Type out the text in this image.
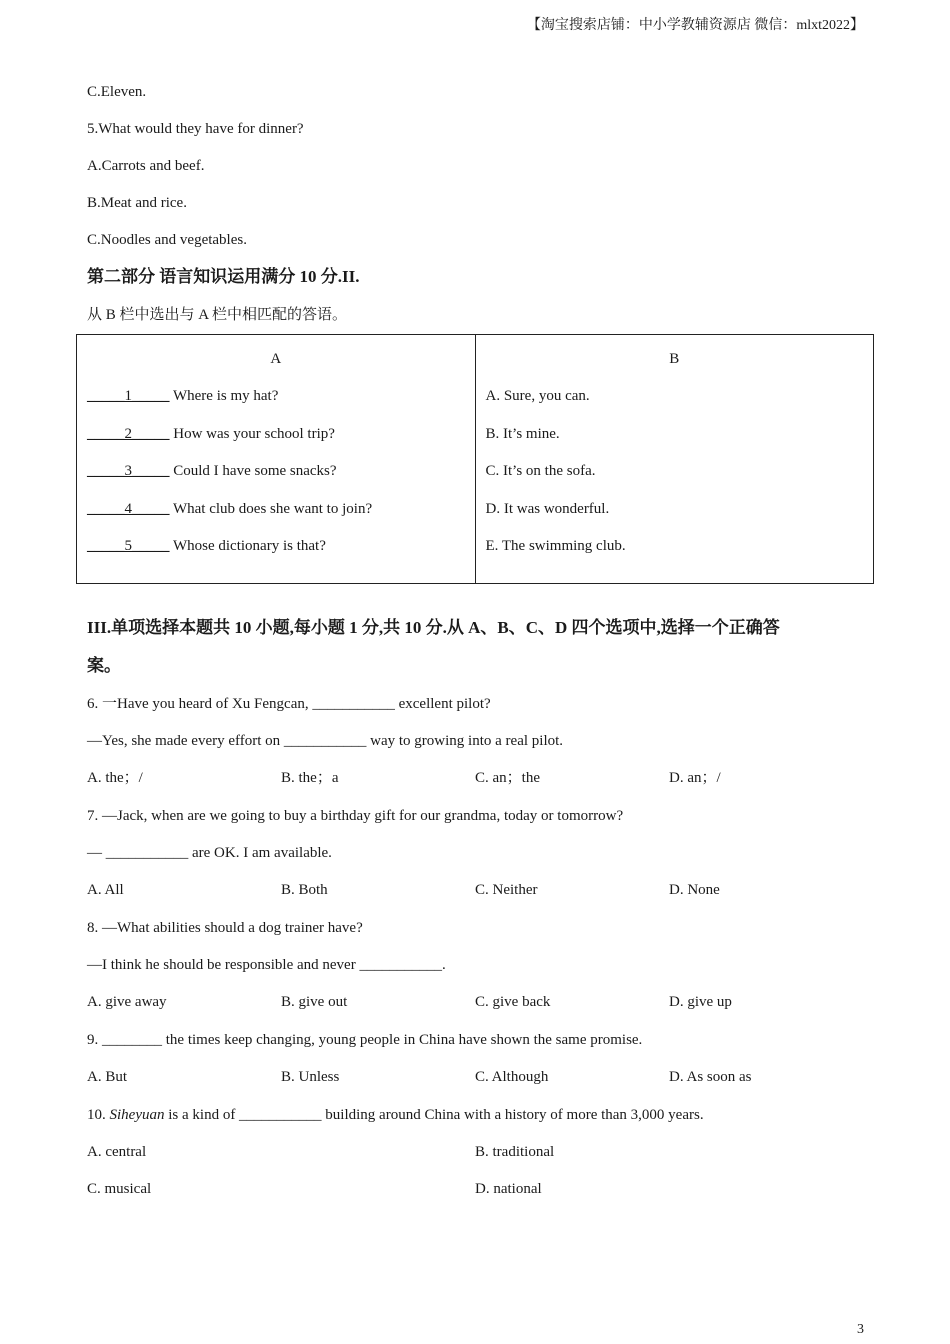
【淘宝搜索店铺：中小学教辅资源店 微信：mlxt2022】
C.Eleven.
5.What would they have for dinner?
A.Carrots and beef.
B.Meat and rice.
C.Noodles and vegetables.
第二部分 语言知识运用满分 10 分.II.
从 B 栏中选出与 A 栏中相匹配的答语。
A
_____1_____ Where is my hat?
_____2_____ How was your school trip?
_____3_____ Could I have some snacks?
_____4_____ What club does she want to join?
_____5_____ Whose dictionary is that?

B
A. Sure, you can.
B. It’s mine.
C. It’s on the sofa.
D. It was wonderful.
E. The swimming club.
III.单项选择本题共 10 小题,每小题 1 分,共 10 分.从 A、B、C、D 四个选项中,选择一个正确答
案。
6. 一Have you heard of Xu Fengcan, ___________ excellent pilot?
—Yes, she made every effort on ___________ way to growing into a real pilot.
A. the；/	B. the；a	C. an；the	D. an；/
7. —Jack, when are we going to buy a birthday gift for our grandma, today or tomorrow?
— ___________ are OK. I am available.
A. All	B. Both	C. Neither	D. None
8. —What abilities should a dog trainer have?
—I think he should be responsible and never ___________.
A. give away	B. give out	C. give back	D. give up
9. ________ the times keep changing, young people in China have shown the same promise.
A. But	B. Unless	C. Although	D. As soon as
10. Siheyuan is a kind of ___________ building around China with a history of more than 3,000 years.
A. central	B. traditional
C. musical	D. national
3
